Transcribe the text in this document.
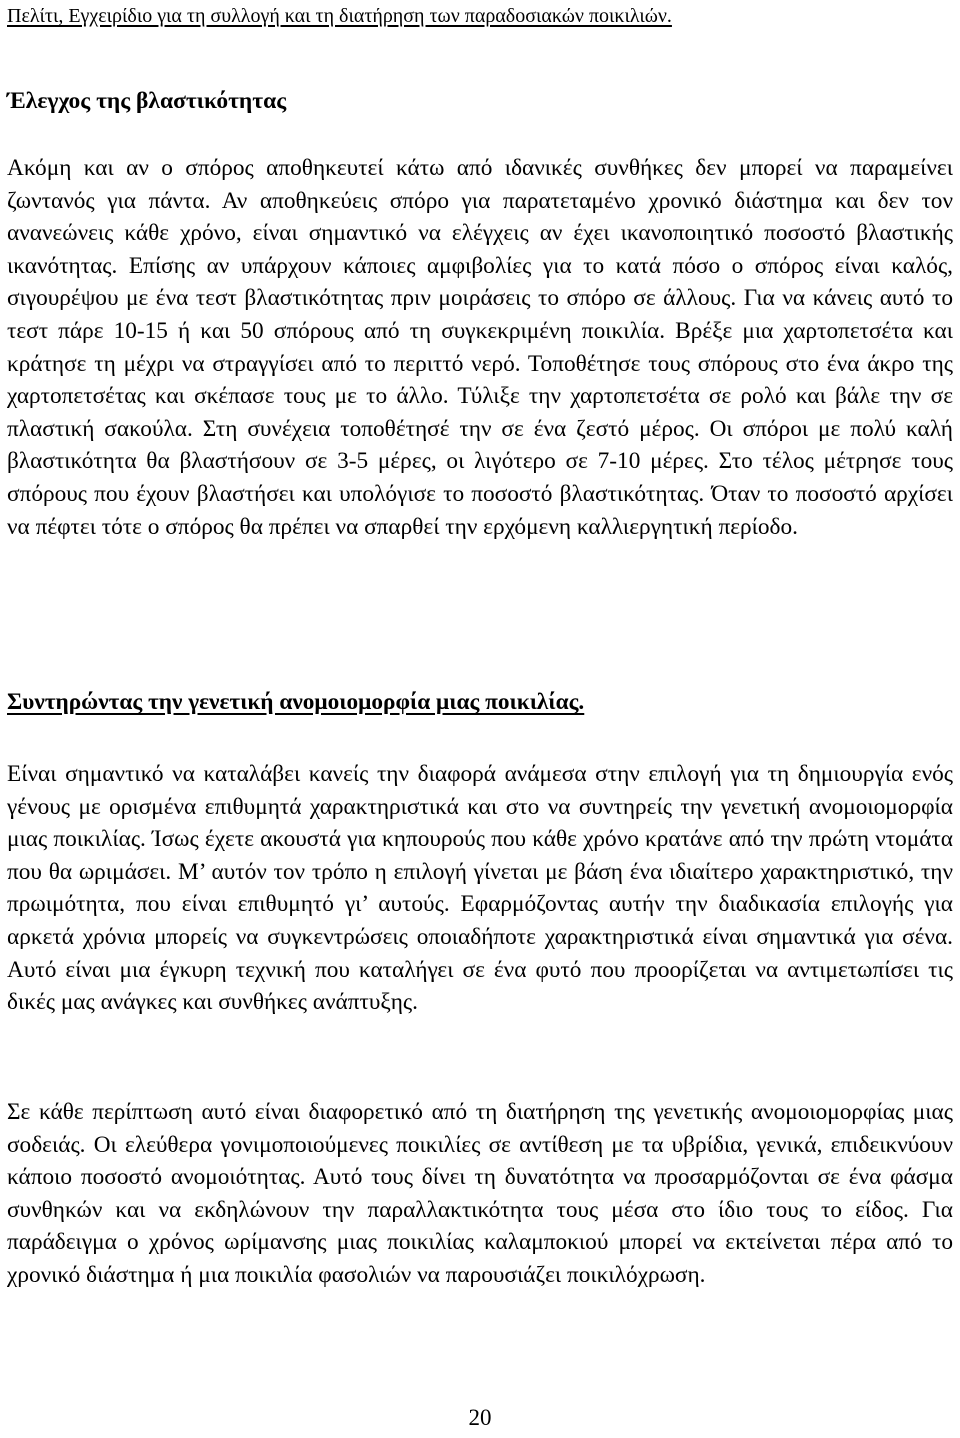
Πελίτι, Εγχειρίδιο για τη συλλογή και τη διατήρηση των παραδοσιακών ποικιλιών.
Έλεγχος της βλαστικότητας

Ακόμη και αν ο σπόρος αποθηκευτεί κάτω από ιδανικές συνθήκες δεν μπορεί να παραμείνει ζωντανός για πάντα. Αν αποθηκεύεις σπόρο για παρατεταμένο χρονικό διάστημα και δεν τον ανανεώνεις κάθε χρόνο, είναι σημαντικό να ελέγχεις αν έχει ικανοποιητικό ποσοστό βλαστικής ικανότητας. Επίσης αν υπάρχουν κάποιες αμφιβολίες για το κατά πόσο ο σπόρος είναι καλός, σιγουρέψου με ένα τεστ βλαστικότητας πριν μοιράσεις το σπόρο σε άλλους. Για να κάνεις αυτό το τεστ πάρε 10-15 ή και 50 σπόρους από τη συγκεκριμένη ποικιλία. Βρέξε μια χαρτοπετσέτα και κράτησε τη μέχρι να στραγγίσει από το περιττό νερό. Τοποθέτησε τους σπόρους στο ένα άκρο της χαρτοπετσέτας και σκέπασε τους με το άλλο. Τύλιξε την χαρτοπετσέτα σε ρολό και βάλε την σε πλαστική σακούλα. Στη συνέχεια τοποθέτησέ την σε ένα ζεστό μέρος. Οι σπόροι με πολύ καλή βλαστικότητα θα βλαστήσουν σε 3-5 μέρες, οι λιγότερο σε 7-10 μέρες. Στο τέλος μέτρησε τους σπόρους που έχουν βλαστήσει και υπολόγισε το ποσοστό βλαστικότητας. Όταν το ποσοστό αρχίσει να πέφτει τότε ο σπόρος θα πρέπει να σπαρθεί την ερχόμενη καλλιεργητική περίοδο.

Συντηρώντας την γενετική ανομοιομορφία μιας ποικιλίας.

Είναι σημαντικό να καταλάβει κανείς την διαφορά ανάμεσα στην επιλογή για τη δημιουργία ενός γένους με ορισμένα επιθυμητά χαρακτηριστικά και στο να συντηρείς την γενετική ανομοιομορφία μιας ποικιλίας. Ίσως έχετε ακουστά για κηπουρούς που κάθε χρόνο κρατάνε από την πρώτη ντομάτα που θα ωριμάσει. Μ’ αυτόν τον τρόπο η επιλογή γίνεται με βάση ένα ιδιαίτερο χαρακτηριστικό, την πρωιμότητα, που είναι επιθυμητό γι’ αυτούς. Εφαρμόζοντας αυτήν την διαδικασία επιλογής για αρκετά χρόνια μπορείς να συγκεντρώσεις οποιαδήποτε χαρακτηριστικά είναι σημαντικά για σένα. Αυτό είναι μια έγκυρη τεχνική που καταλήγει σε ένα φυτό που προορίζεται να αντιμετωπίσει τις δικές μας ανάγκες και συνθήκες ανάπτυξης.

Σε κάθε περίπτωση αυτό είναι διαφορετικό από τη διατήρηση της γενετικής ανομοιομορφίας μιας σοδειάς. Οι ελεύθερα γονιμοποιούμενες ποικιλίες σε αντίθεση με τα υβρίδια, γενικά, επιδεικνύουν κάποιο ποσοστό ανομοιότητας. Αυτό τους δίνει τη δυνατότητα να προσαρμόζονται σε ένα φάσμα συνθηκών και να εκδηλώνουν την παραλλακτικότητα τους μέσα στο ίδιο τους το είδος. Για παράδειγμα ο χρόνος ωρίμανσης μιας ποικιλίας καλαμποκιού μπορεί να εκτείνεται πέρα από το χρονικό διάστημα ή μια ποικιλία φασολιών να παρουσιάζει ποικιλόχρωση.

20
